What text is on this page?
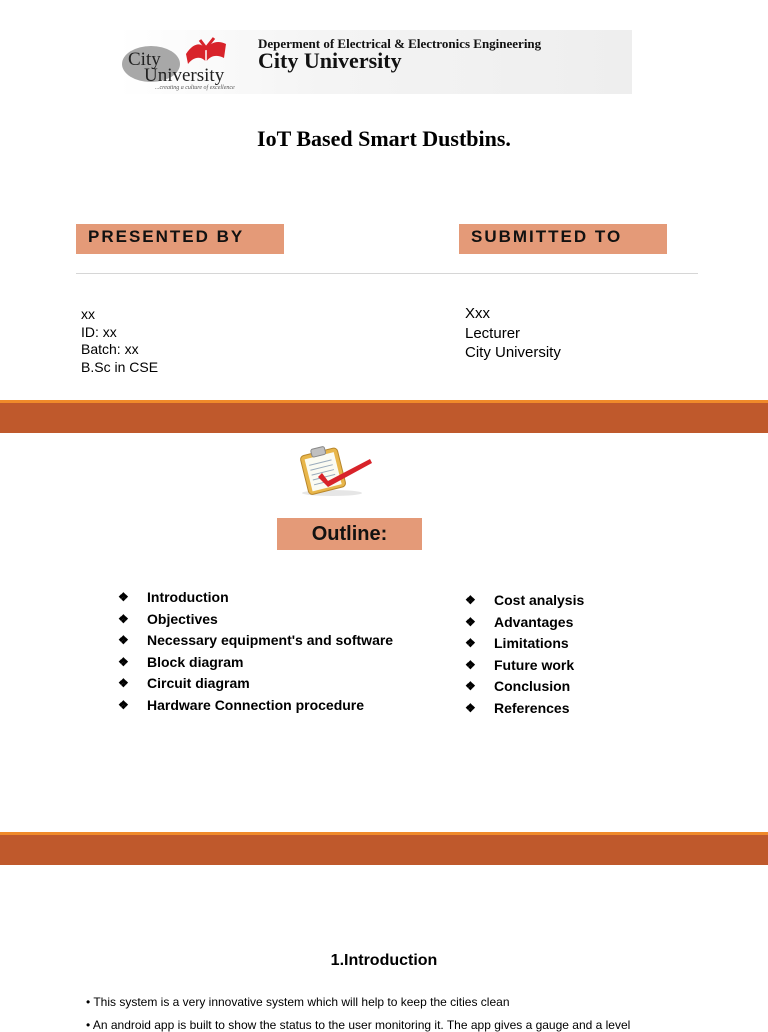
City
University
...creating a culture of excellence
Deperment of Electrical & Electronics Engineering
City University
IoT Based Smart Dustbins.
PRESENTED BY	SUBMITTED TO
xx
ID: xx
Batch: xx
B.Sc in CSE
Xxx
Lecturer
City University
Outline:
❖ Introduction
❖ Objectives
❖ Necessary equipment's and software
❖ Block diagram
❖ Circuit diagram
❖ Hardware Connection procedure
❖ Cost analysis
❖ Advantages
❖ Limitations
❖ Future work
❖ Conclusion
❖ References
1.Introduction
• This system is a very innovative system which will help to keep the cities clean
• An android app is built to show the status to the user monitoring it. The app gives a gauge and a level
